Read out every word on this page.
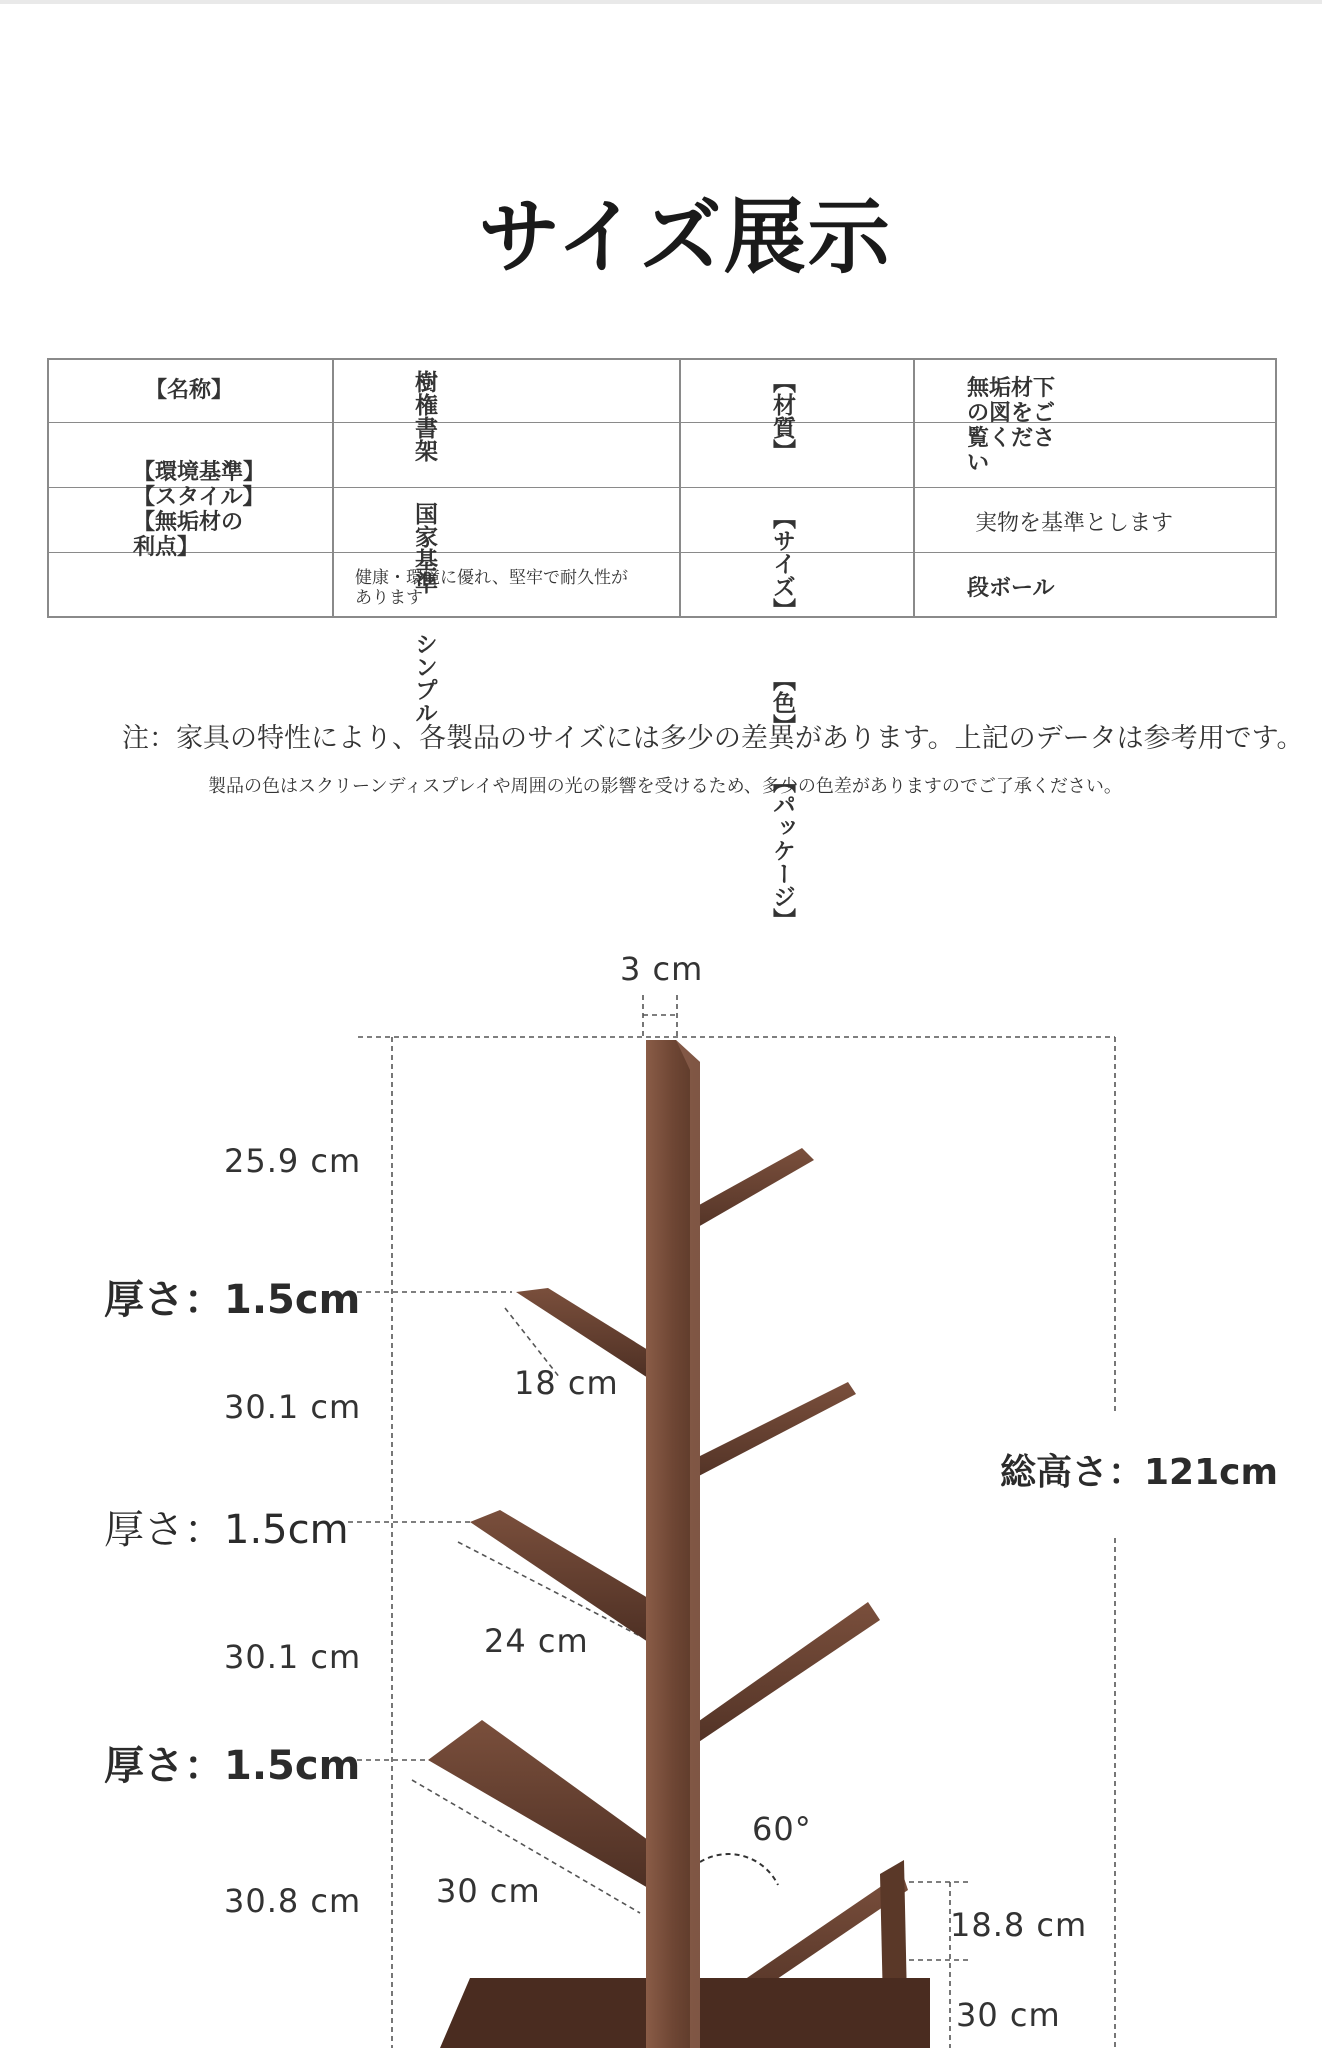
サイズ展示
【名称】
【環境基準】【スタイル】【無垢材の利点】
健康・環境に優れ、堅牢で耐久性があります
無垢材下の図をご覧ください
実物を基準とします
段ボール
樹権書架
国家基準
シンプル
【材質】
【サイズ】
【色】
【パッケージ】
注：家具の特性により、各製品のサイズには多少の差異があります。上記のデータは参考用です。
製品の色はスクリーンディスプレイや周囲の光の影響を受けるため、多少の色差がありますのでご了承ください。
3 cm
25.9 cm
30.1 cm
30.1 cm
30.8 cm
厚さ：1.5cm
厚さ：1.5cm
厚さ：1.5cm
18 cm
24 cm
30 cm
60°
総高さ：121cm
18.8 cm
30 cm
